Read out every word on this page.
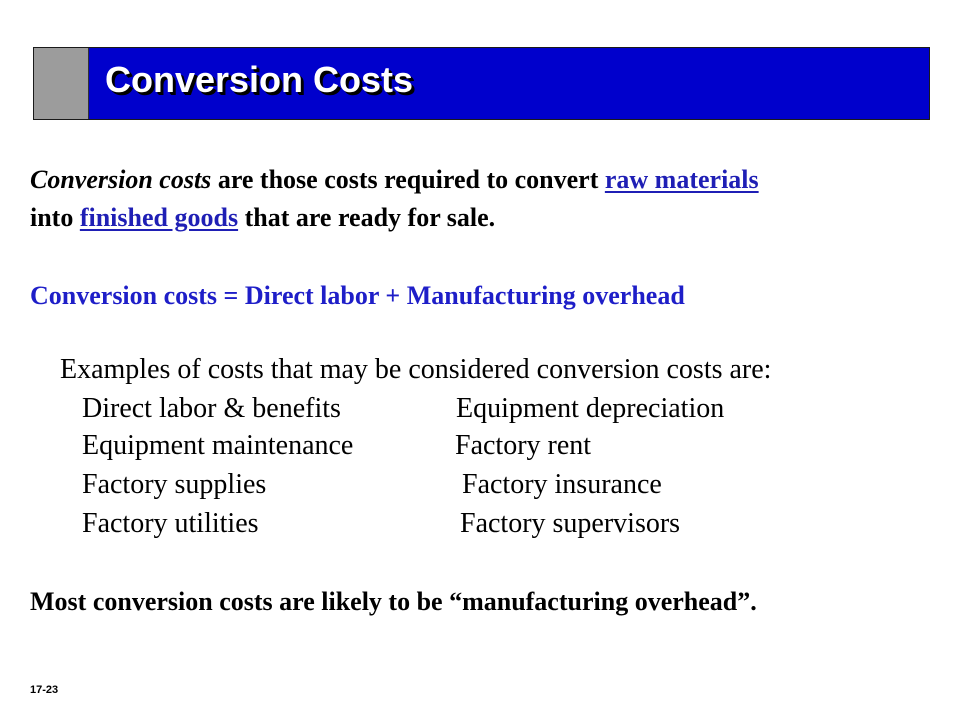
Conversion Costs
Conversion costs are those costs required to convert raw materials
into finished goods that are ready for sale.
Conversion costs = Direct labor + Manufacturing overhead
Examples of costs that may be considered conversion costs are:
Direct labor & benefits	Equipment depreciation
Equipment maintenance	Factory rent
Factory supplies	Factory insurance
Factory utilities	Factory supervisors
Most conversion costs are likely to be “manufacturing overhead”.
17-23
